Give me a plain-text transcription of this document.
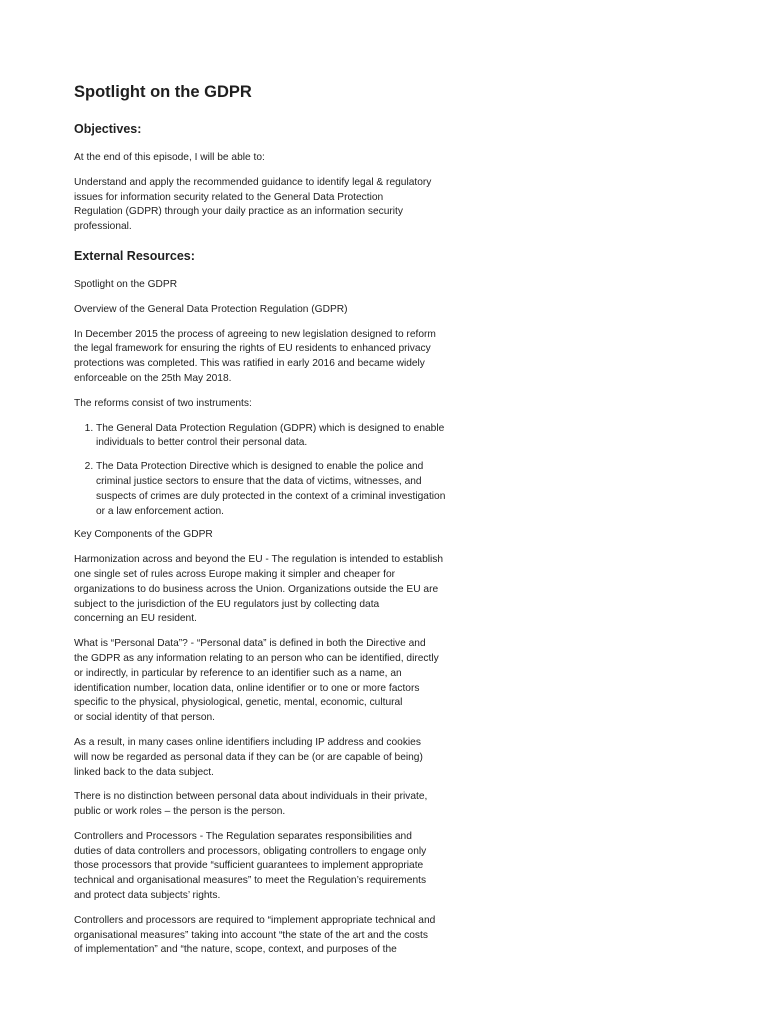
Spotlight on the GDPR
Objectives:

At the end of this episode, I will be able to:

Understand and apply the recommended guidance to identify legal & regulatory
issues for information security related to the General Data Protection
Regulation (GDPR) through your daily practice as an information security
professional.

External Resources:

Spotlight on the GDPR

Overview of the General Data Protection Regulation (GDPR)

In December 2015 the process of agreeing to new legislation designed to reform
the legal framework for ensuring the rights of EU residents to enhanced privacy
protections was completed. This was ratified in early 2016 and became widely
enforceable on the 25th May 2018.

The reforms consist of two instruments:

1. The General Data Protection Regulation (GDPR) which is designed to enable
individuals to better control their personal data.
2. The Data Protection Directive which is designed to enable the police and
criminal justice sectors to ensure that the data of victims, witnesses, and
suspects of crimes are duly protected in the context of a criminal investigation
or a law enforcement action.

Key Components of the GDPR

Harmonization across and beyond the EU - The regulation is intended to establish
one single set of rules across Europe making it simpler and cheaper for
organizations to do business across the Union. Organizations outside the EU are
subject to the jurisdiction of the EU regulators just by collecting data
concerning an EU resident.

What is “Personal Data”? - “Personal data” is defined in both the Directive and
the GDPR as any information relating to an person who can be identified, directly
or indirectly, in particular by reference to an identifier such as a name, an
identification number, location data, online identifier or to one or more factors
specific to the physical, physiological, genetic, mental, economic, cultural
or social identity of that person.

As a result, in many cases online identifiers including IP address and cookies
will now be regarded as personal data if they can be (or are capable of being)
linked back to the data subject.

There is no distinction between personal data about individuals in their private,
public or work roles – the person is the person.

Controllers and Processors - The Regulation separates responsibilities and
duties of data controllers and processors, obligating controllers to engage only
those processors that provide “sufficient guarantees to implement appropriate
technical and organisational measures” to meet the Regulation’s requirements
and protect data subjects’ rights.

Controllers and processors are required to “implement appropriate technical and
organisational measures” taking into account “the state of the art and the costs
of implementation” and “the nature, scope, context, and purposes of the
